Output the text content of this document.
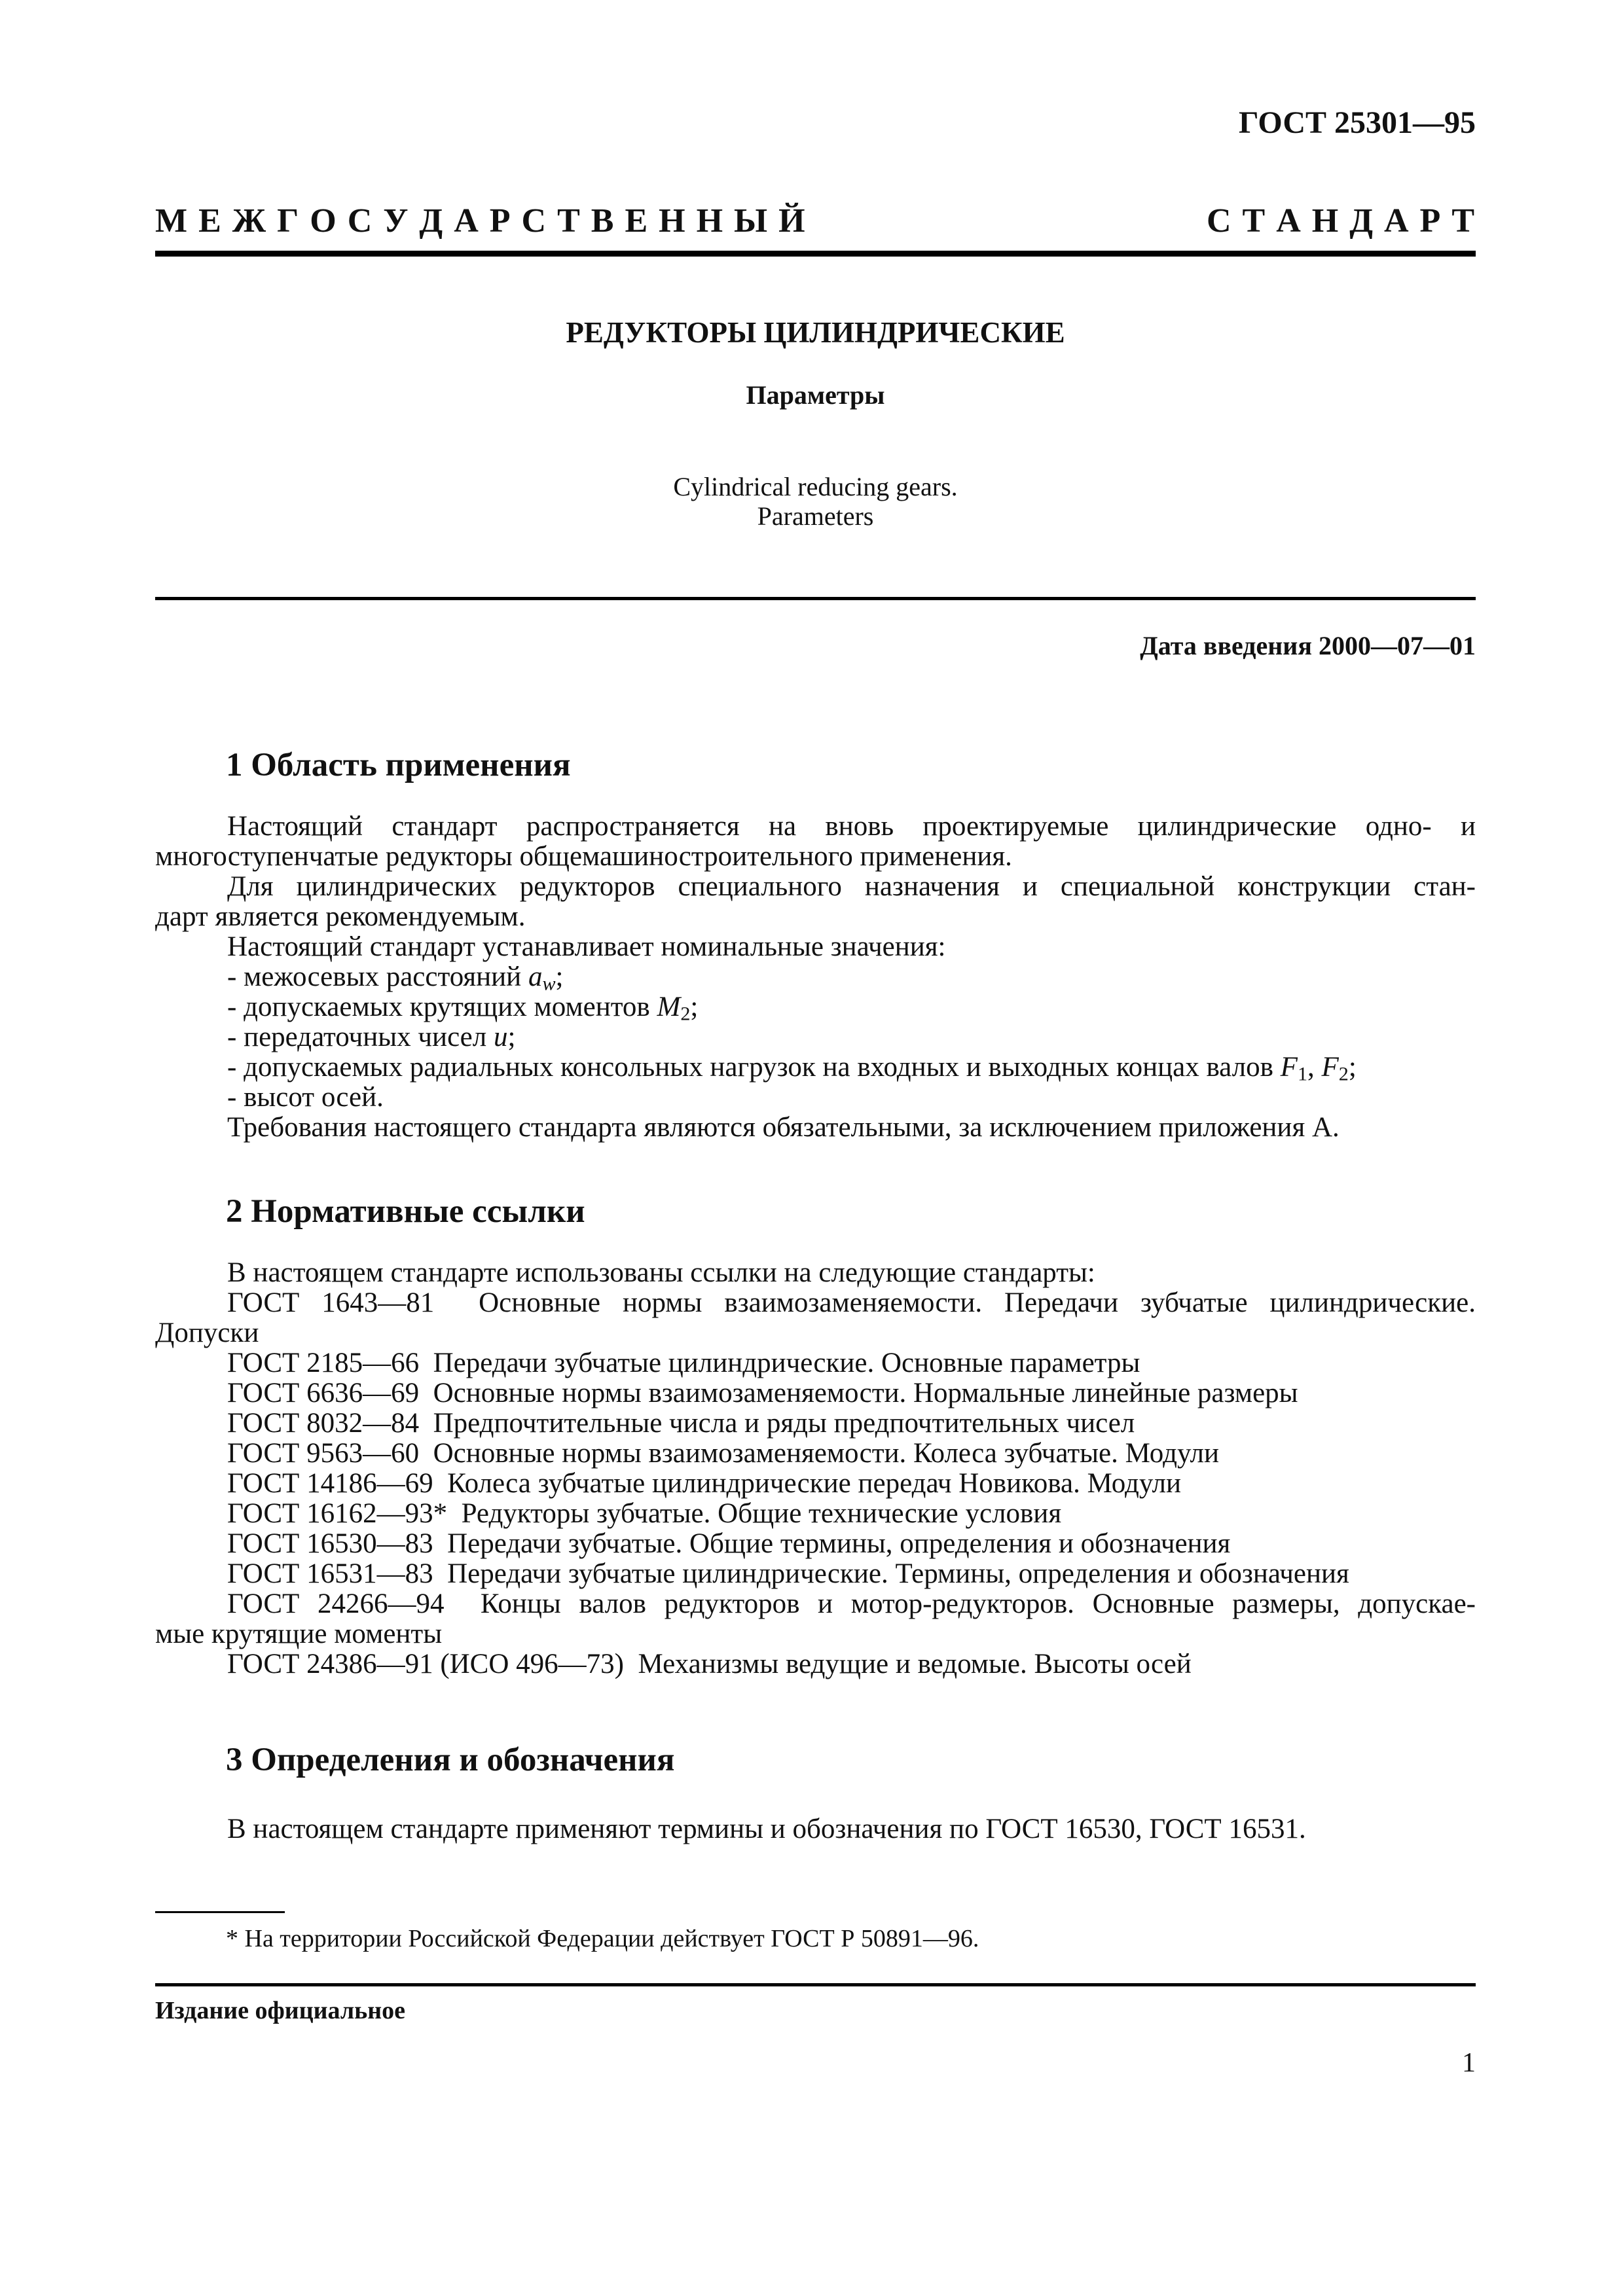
ГОСТ 25301—95
М Е Ж Г О С У Д А Р С Т В Е Н Н Ы Й	С Т А Н Д А Р Т
РЕДУКТОРЫ ЦИЛИНДРИЧЕСКИЕ
Параметры
Cylindrical reducing gears.
Parameters
Дата введения 2000—07—01
1 Область применения
Настоящий стандарт распространяется на вновь проектируемые цилиндрические одно- и
многоступенчатые редукторы общемашиностроительного применения.
Для цилиндрических редукторов специального назначения и специальной конструкции стан-
дарт является рекомендуемым.
Настоящий стандарт устанавливает номинальные значения:
- межосевых расстояний $a_w$;
- допускаемых крутящих моментов $M_2$;
- передаточных чисел u;
- допускаемых радиальных консольных нагрузок на входных и выходных концах валов $F_1$, $F_2$;
- высот осей.
Требования настоящего стандарта являются обязательными, за исключением приложения А.
2 Нормативные ссылки
В настоящем стандарте использованы ссылки на следующие стандарты:
ГОСТ 1643—81 Основные нормы взаимозаменяемости. Передачи зубчатые цилиндрические.
Допуски
ГОСТ 2185—66 Передачи зубчатые цилиндрические. Основные параметры
ГОСТ 6636—69 Основные нормы взаимозаменяемости. Нормальные линейные размеры
ГОСТ 8032—84 Предпочтительные числа и ряды предпочтительных чисел
ГОСТ 9563—60 Основные нормы взаимозаменяемости. Колеса зубчатые. Модули
ГОСТ 14186—69 Колеса зубчатые цилиндрические передач Новикова. Модули
ГОСТ 16162—93* Редукторы зубчатые. Общие технические условия
ГОСТ 16530—83 Передачи зубчатые. Общие термины, определения и обозначения
ГОСТ 16531—83 Передачи зубчатые цилиндрические. Термины, определения и обозначения
ГОСТ 24266—94 Концы валов редукторов и мотор-редукторов. Основные размеры, допускае-
мые крутящие моменты
ГОСТ 24386—91 (ИСО 496—73) Механизмы ведущие и ведомые. Высоты осей
3 Определения и обозначения
В настоящем стандарте применяют термины и обозначения по ГОСТ 16530, ГОСТ 16531.
* На территории Российской Федерации действует ГОСТ Р 50891—96.
Издание официальное
1
